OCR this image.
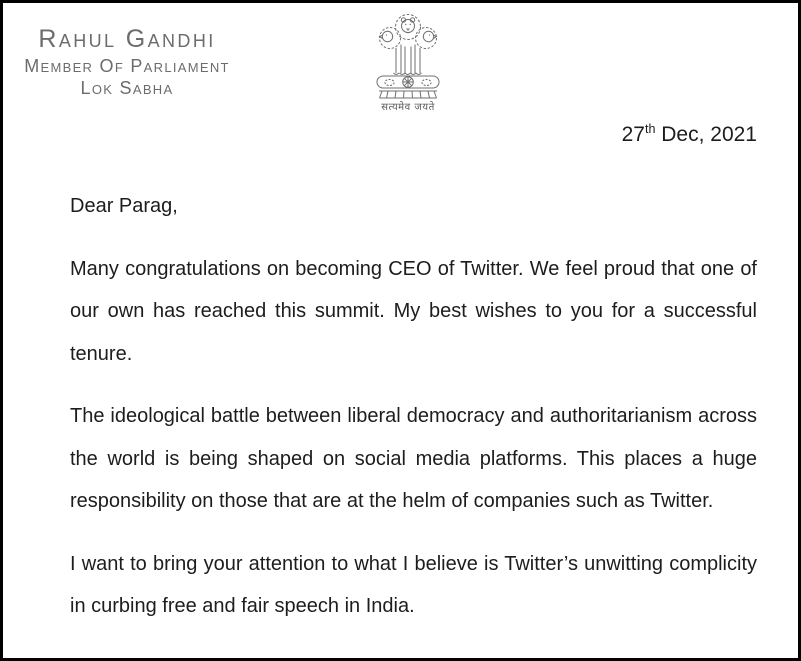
Rahul Gandhi
Member Of Parliament
Lok Sabha
सत्यमेव जयते
27th Dec, 2021

Dear Parag,

Many congratulations on becoming CEO of Twitter. We feel proud that one of our own has reached this summit. My best wishes to you for a successful tenure.

The ideological battle between liberal democracy and authoritarianism across the world is being shaped on social media platforms. This places a huge responsibility on those that are at the helm of companies such as Twitter.

I want to bring your attention to what I believe is Twitter’s unwitting complicity in curbing free and fair speech in India.
